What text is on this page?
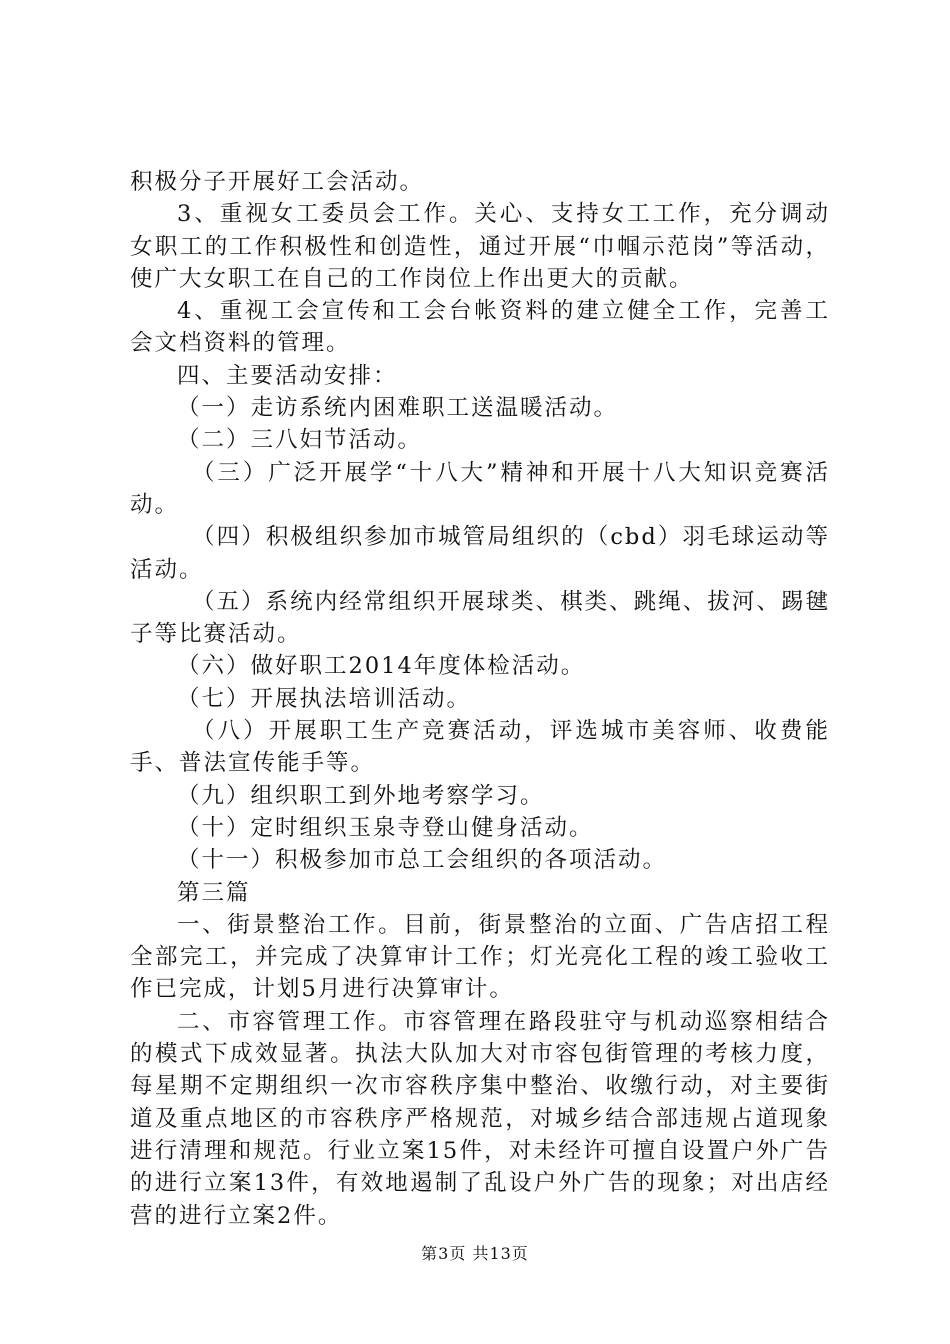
积极分子开展好工会活动。

3、重视女工委员会工作。关心、支持女工工作，充分调动女职工的工作积极性和创造性，通过开展“巾帼示范岗”等活动，使广大女职工在自己的工作岗位上作出更大的贡献。

4、重视工会宣传和工会台帐资料的建立健全工作，完善工会文档资料的管理。

四、主要活动安排：

（一）走访系统内困难职工送温暖活动。

（二）三八妇节活动。

（三）广泛开展学“十八大”精神和开展十八大知识竞赛活动。

（四）积极组织参加市城管局组织的（cbd）羽毛球运动等活动。

（五）系统内经常组织开展球类、棋类、跳绳、拔河、踢毽子等比赛活动。

（六）做好职工2014年度体检活动。

（七）开展执法培训活动。

（八）开展职工生产竞赛活动，评选城市美容师、收费能手、普法宣传能手等。

（九）组织职工到外地考察学习。

（十）定时组织玉泉寺登山健身活动。

（十一）积极参加市总工会组织的各项活动。

第三篇

一、街景整治工作。目前，街景整治的立面、广告店招工程全部完工，并完成了决算审计工作；灯光亮化工程的竣工验收工作已完成，计划5月进行决算审计。

二、市容管理工作。市容管理在路段驻守与机动巡察相结合的模式下成效显著。执法大队加大对市容包街管理的考核力度，每星期不定期组织一次市容秩序集中整治、收缴行动，对主要街道及重点地区的市容秩序严格规范，对城乡结合部违规占道现象进行清理和规范。行业立案15件，对未经许可擅自设置户外广告的进行立案13件，有效地遏制了乱设户外广告的现象；对出店经营的进行立案2件。

第3页 共13页
